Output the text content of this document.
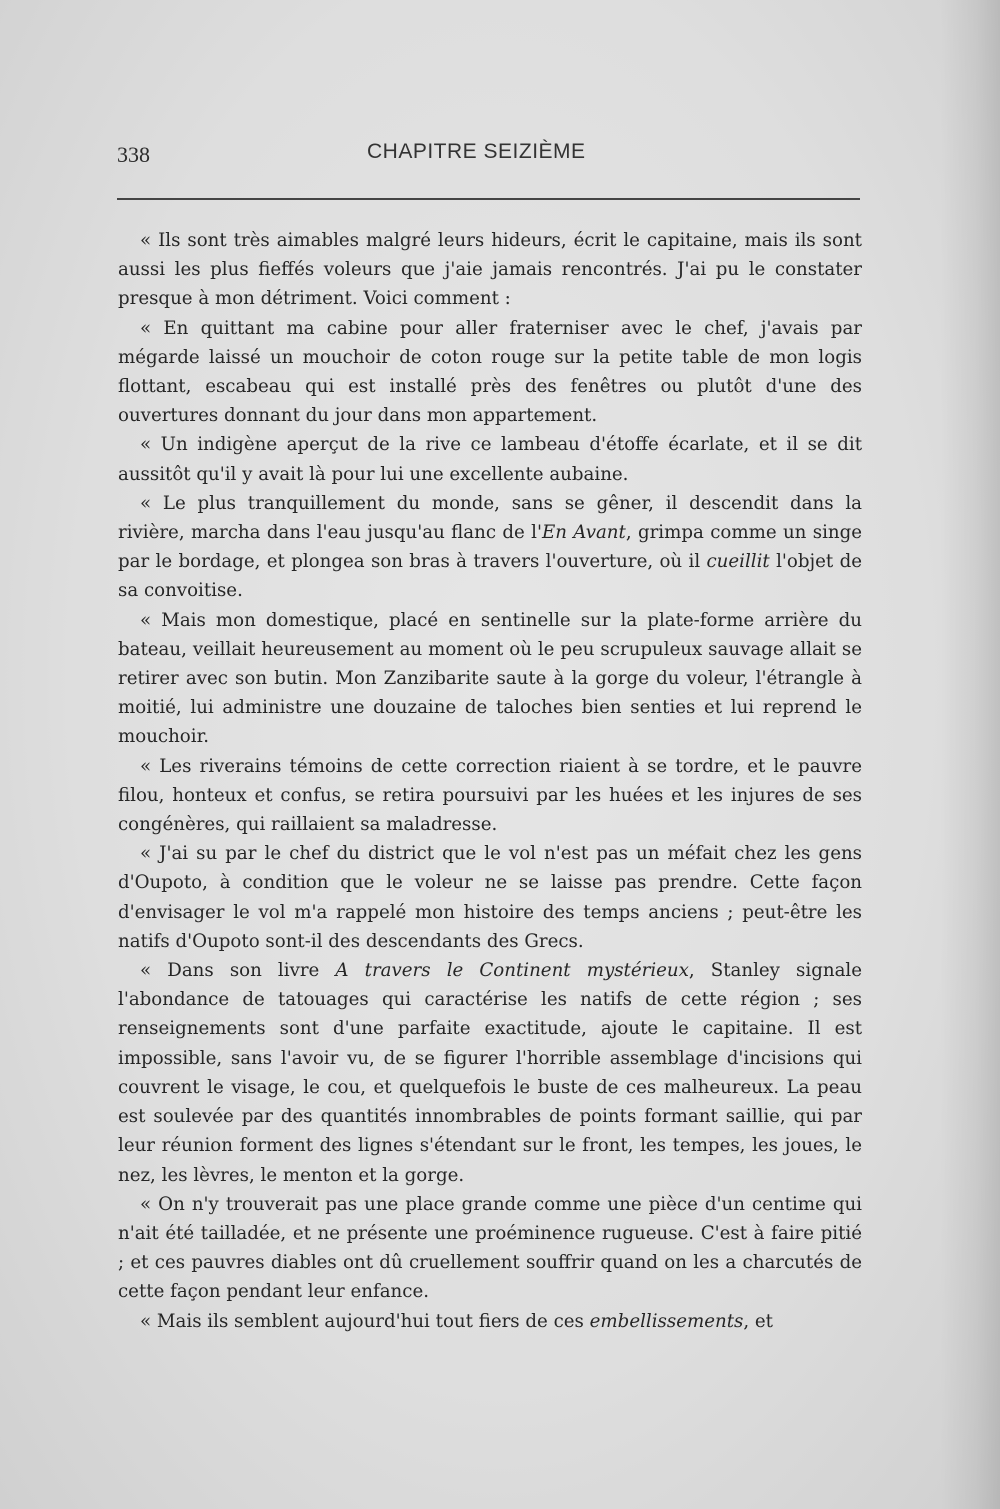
338	CHAPITRE SEIZIÈME

« Ils sont très aimables malgré leurs hideurs, écrit le capitaine, mais ils sont aussi les plus fieffés voleurs que j'aie jamais rencontrés. J'ai pu le constater presque à mon détriment. Voici comment :

« En quittant ma cabine pour aller fraterniser avec le chef, j'avais par mégarde laissé un mouchoir de coton rouge sur la petite table de mon logis flottant, escabeau qui est installé près des fenêtres ou plutôt d'une des ouvertures donnant du jour dans mon appartement.

« Un indigène aperçut de la rive ce lambeau d'étoffe écarlate, et il se dit aussitôt qu'il y avait là pour lui une excellente aubaine.

« Le plus tranquillement du monde, sans se gêner, il descendit dans la rivière, marcha dans l'eau jusqu'au flanc de l'En Avant, grimpa comme un singe par le bordage, et plongea son bras à travers l'ouverture, où il cueillit l'objet de sa convoitise.

« Mais mon domestique, placé en sentinelle sur la plate-forme arrière du bateau, veillait heureusement au moment où le peu scrupuleux sauvage allait se retirer avec son butin. Mon Zanzibarite saute à la gorge du voleur, l'étrangle à moitié, lui administre une douzaine de taloches bien senties et lui reprend le mouchoir.

« Les riverains témoins de cette correction riaient à se tordre, et le pauvre filou, honteux et confus, se retira poursuivi par les huées et les injures de ses congénères, qui raillaient sa maladresse.

« J'ai su par le chef du district que le vol n'est pas un méfait chez les gens d'Oupoto, à condition que le voleur ne se laisse pas prendre. Cette façon d'envisager le vol m'a rappelé mon histoire des temps anciens ; peut-être les natifs d'Oupoto sont-il des descendants des Grecs.

« Dans son livre A travers le Continent mystérieux, Stanley signale l'abondance de tatouages qui caractérise les natifs de cette région ; ses renseignements sont d'une parfaite exactitude, ajoute le capitaine. Il est impossible, sans l'avoir vu, de se figurer l'horrible assemblage d'incisions qui couvrent le visage, le cou, et quelquefois le buste de ces malheureux. La peau est soulevée par des quantités innombrables de points formant saillie, qui par leur réunion forment des lignes s'étendant sur le front, les tempes, les joues, le nez, les lèvres, le menton et la gorge.

« On n'y trouverait pas une place grande comme une pièce d'un centime qui n'ait été tailladée, et ne présente une proéminence rugueuse. C'est à faire pitié ; et ces pauvres diables ont dû cruellement souffrir quand on les a charcutés de cette façon pendant leur enfance.

« Mais ils semblent aujourd'hui tout fiers de ces embellissements, et
